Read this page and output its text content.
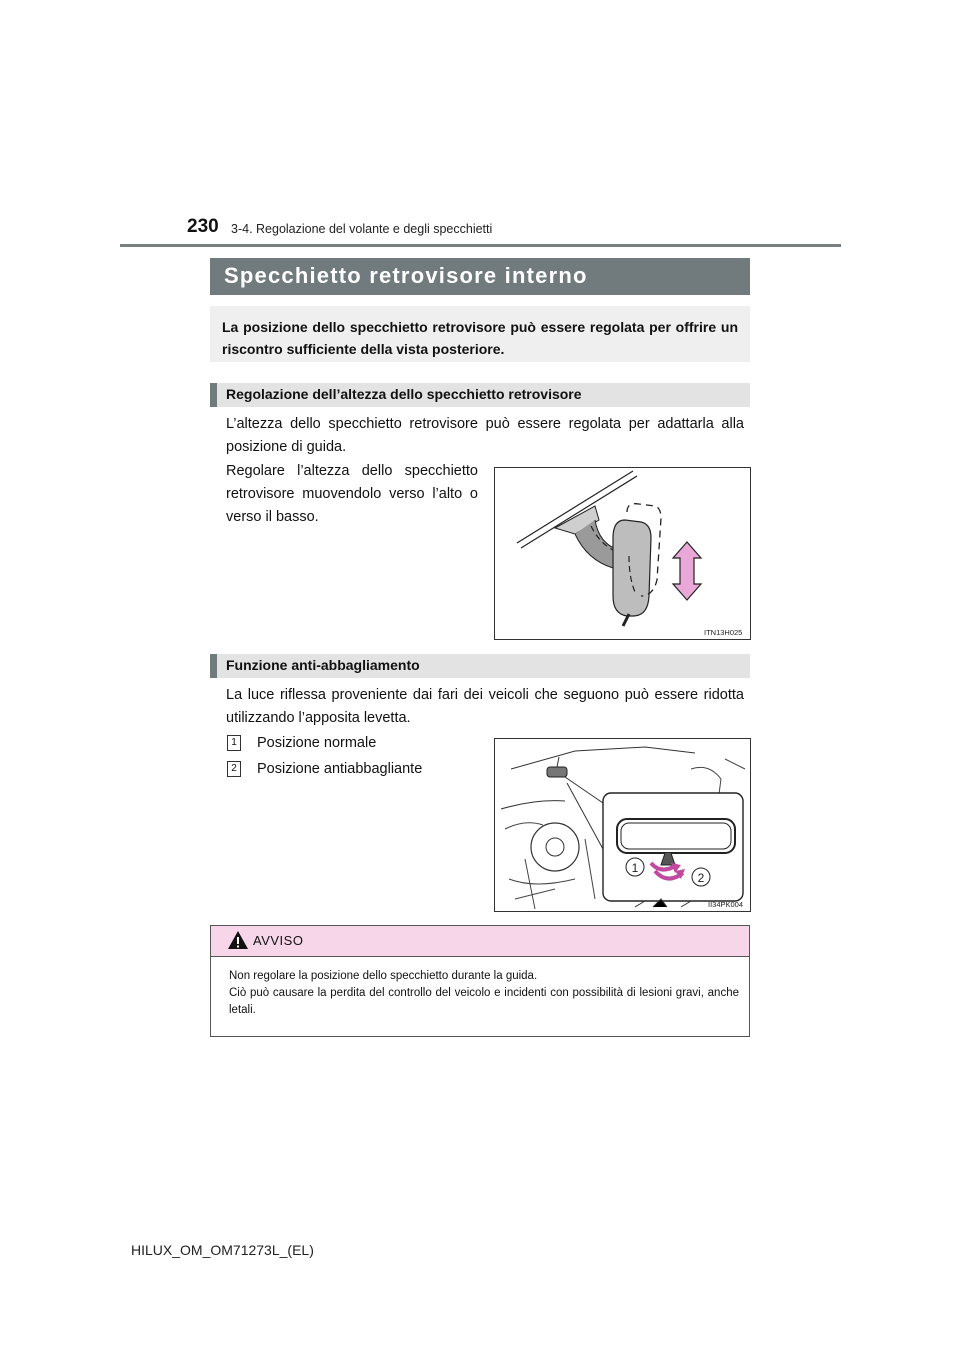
230 3-4. Regolazione del volante e degli specchietti
Specchietto retrovisore interno
La posizione dello specchietto retrovisore può essere regolata per offrire un riscontro sufficiente della vista posteriore.
Regolazione dell’altezza dello specchietto retrovisore
L’altezza dello specchietto retrovisore può essere regolata per adattarla alla posizione di guida.
Regolare l’altezza dello specchietto retrovisore muovendolo verso l’alto o verso il basso.
ITN13H025
Funzione anti-abbagliamento
La luce riflessa proveniente dai fari dei veicoli che seguono può essere ridotta utilizzando l’apposita levetta.
1 Posizione normale
2 Posizione antiabbagliante
1
2
II34PK004
AVVISO
Non regolare la posizione dello specchietto durante la guida.
Ciò può causare la perdita del controllo del veicolo e incidenti con possibilità di lesioni gravi, anche letali.
HILUX_OM_OM71273L_(EL)
